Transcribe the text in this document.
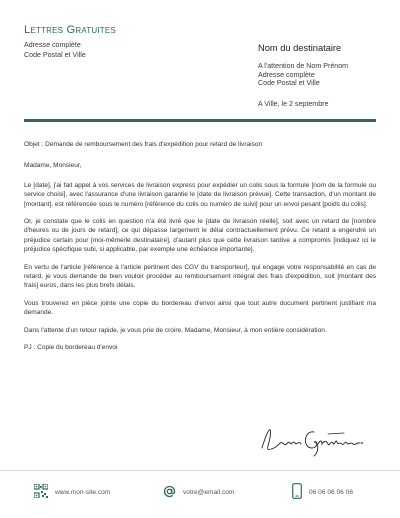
Lettres Gratuites
Adresse complète
Code Postal et Ville
Nom du destinataire
A l'attention de Nom Prénom
Adresse complète
Code Postal et Ville
A Ville, le 2 septembre

Objet : Demande de remboursement des frais d'expédition pour retard de livraison

Madame, Monsieur,

Le [date], j'ai fait appel à vos services de livraison express pour expédier un colis sous la formule [nom de la formule ou service choisi], avec l'assurance d'une livraison garantie le [date de livraison prévue]. Cette transaction, d'un montant de [montant], est référencée sous le numéro [référence du colis ou numéro de suivi] pour un envoi pesant [poids du colis].

Or, je constate que le colis en question n'a été livré que le [date de livraison réelle], soit avec un retard de [nombre d'heures ou de jours de retard], ce qui dépasse largement le délai contractuellement prévu. Ce retard a engendré un préjudice certain pour [moi-même/le destinataire], d'autant plus que cette livraison tardive a compromis [indiquez ici le préjudice spécifique subi, si applicable, par exemple une échéance importante].

En vertu de l'article [référence à l'article pertinent des CGV du transporteur], qui engage votre responsabilité en cas de retard, je vous demande de bien vouloir procéder au remboursement intégral des frais d'expédition, soit [montant des frais] euros, dans les plus brefs délais.

Vous trouverez en pièce jointe une copie du bordereau d'envoi ainsi que tout autre document pertinent justifiant ma demande.

Dans l'attente d'un retour rapide, je vous prie de croire, Madame, Monsieur, à mon entière considération.

PJ : Copie du bordereau d'envoi

www.mon-site.com	votre@email.com	06 06 06 06 06
